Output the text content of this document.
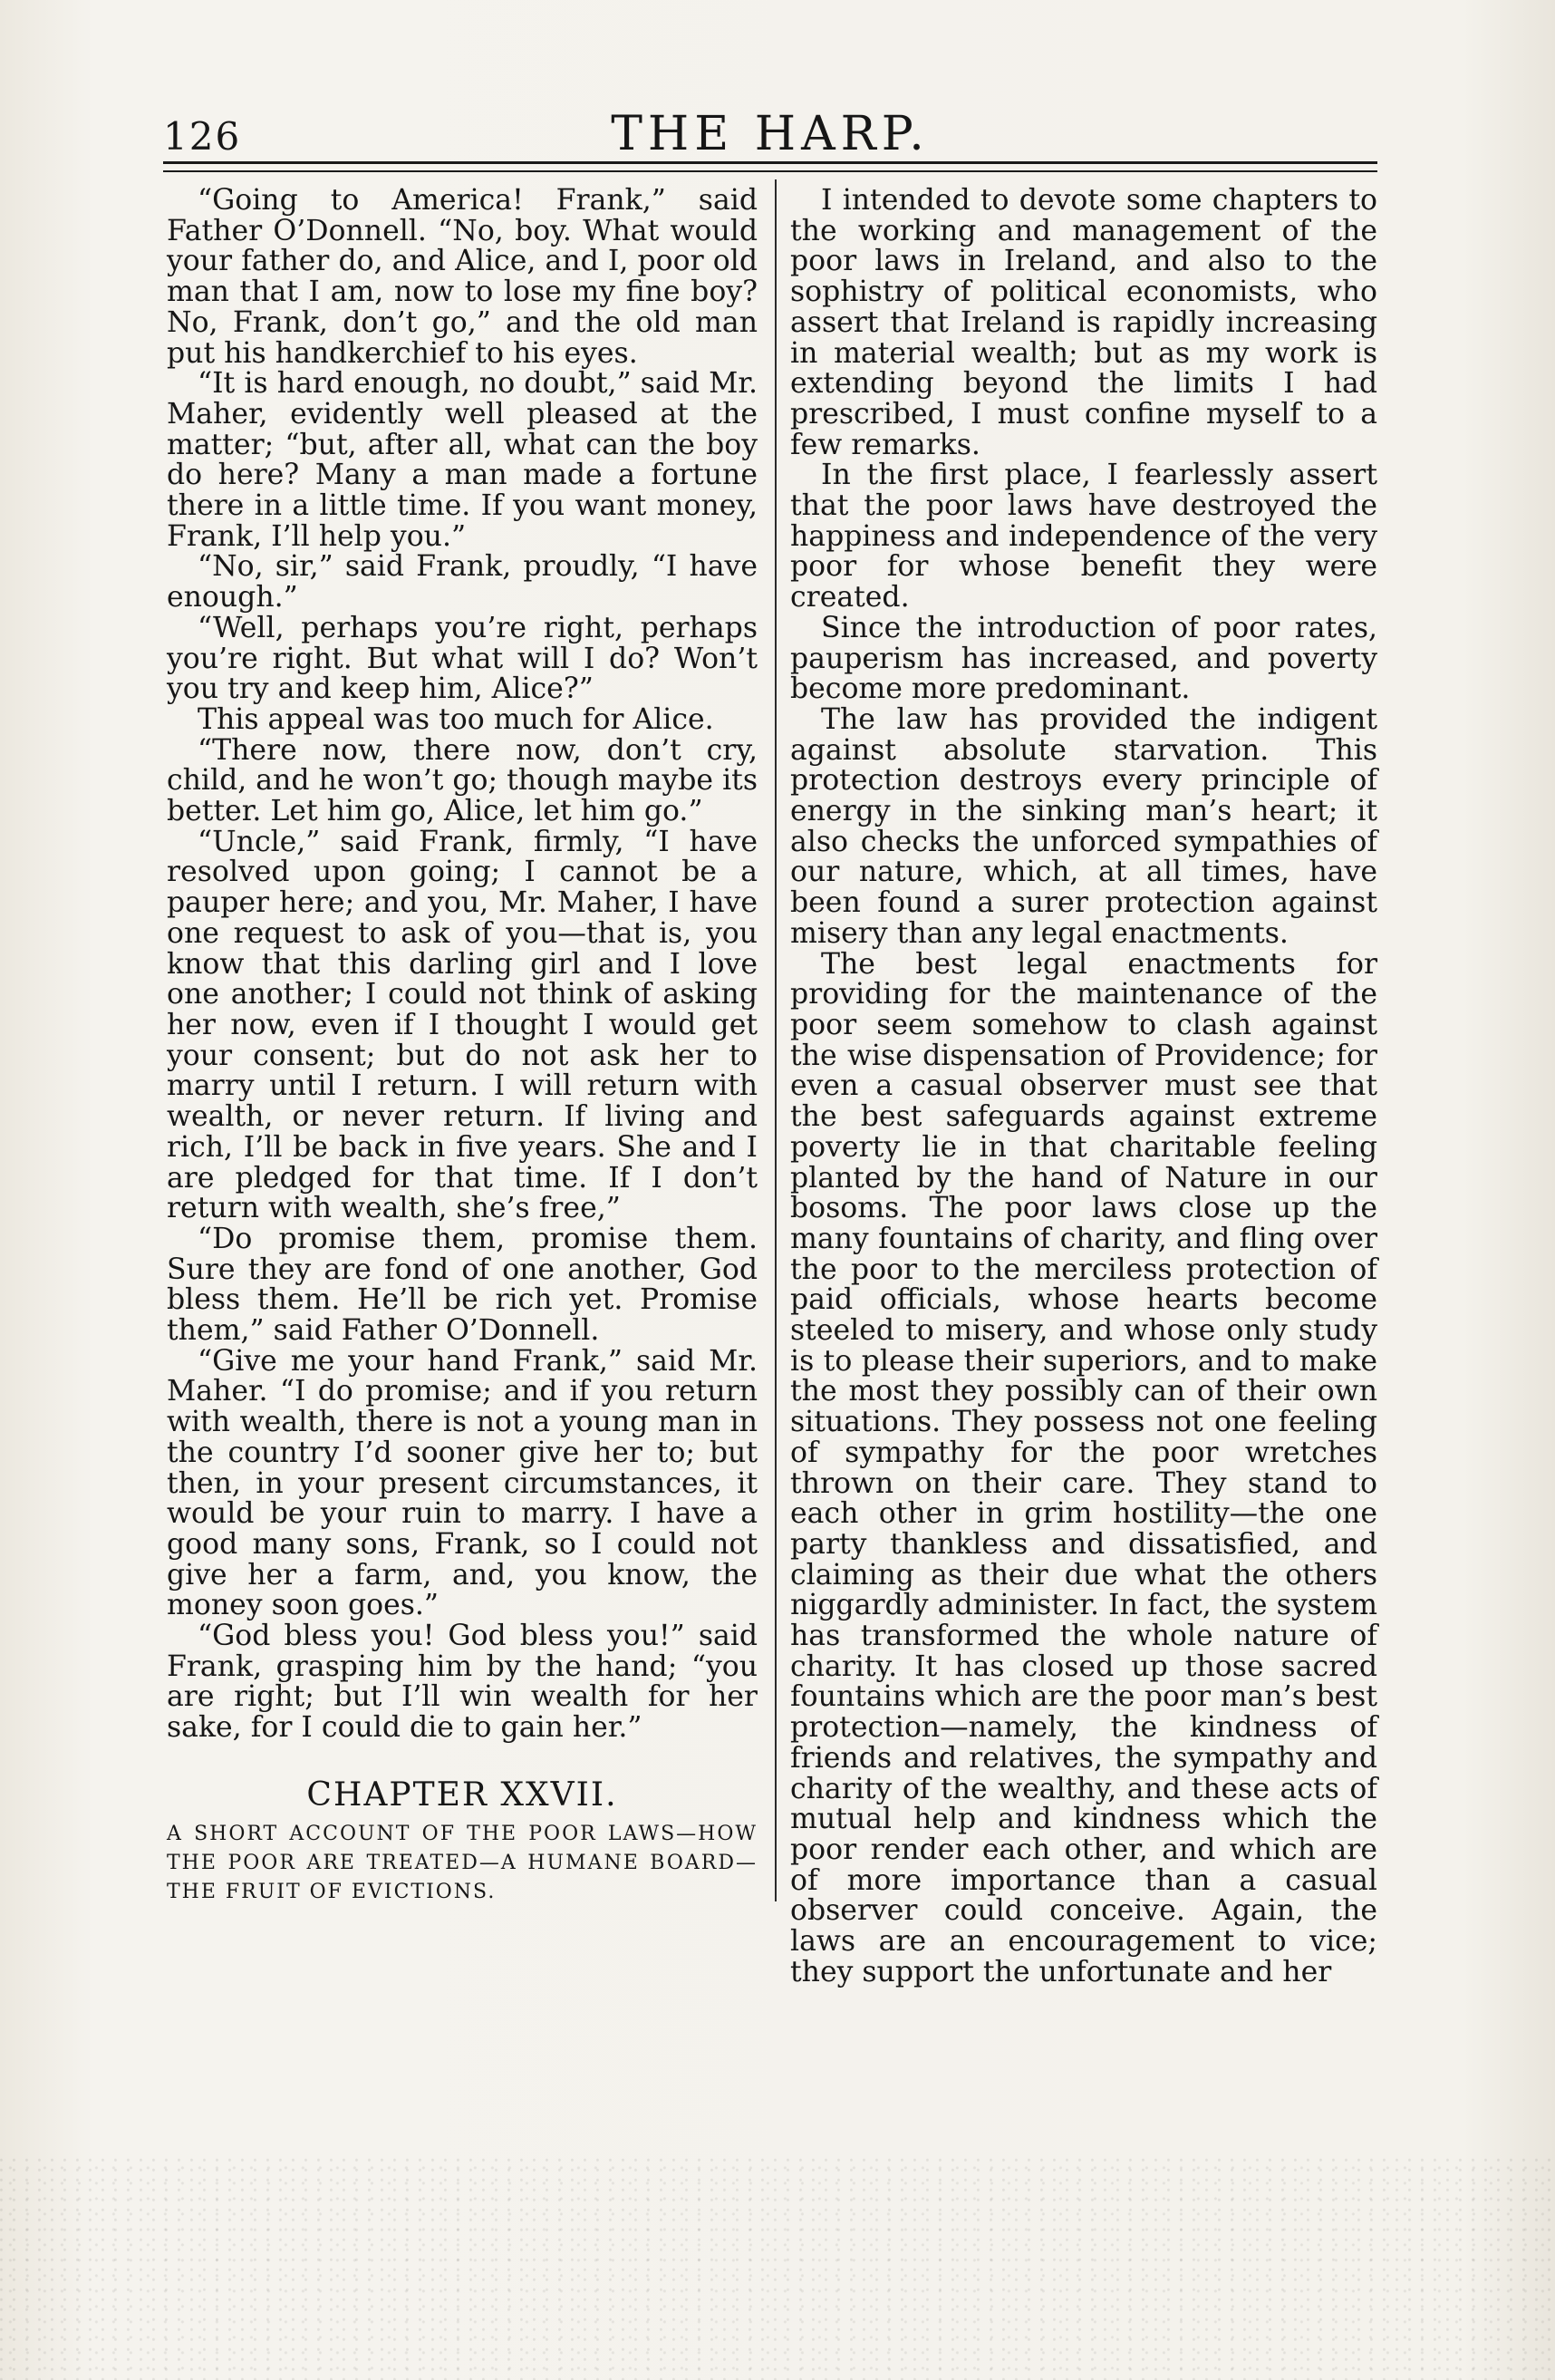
126	THE HARP.

“Going to America! Frank,” said Father O’Donnell. “No, boy. What would your father do, and Alice, and I, poor old man that I am, now to lose my fine boy? No, Frank, don’t go,” and the old man put his handkerchief to his eyes.

“It is hard enough, no doubt,” said Mr. Maher, evidently well pleased at the matter; “but, after all, what can the boy do here? Many a man made a fortune there in a little time. If you want money, Frank, I’ll help you.”

“No, sir,” said Frank, proudly, “I have enough.”

“Well, perhaps you’re right, perhaps you’re right. But what will I do? Won’t you try and keep him, Alice?”

This appeal was too much for Alice.

“There now, there now, don’t cry, child, and he won’t go; though maybe its better. Let him go, Alice, let him go.”

“Uncle,” said Frank, firmly, “I have resolved upon going; I cannot be a pauper here; and you, Mr. Maher, I have one request to ask of you—that is, you know that this darling girl and I love one another; I could not think of asking her now, even if I thought I would get your consent; but do not ask her to marry until I return. I will return with wealth, or never return. If living and rich, I’ll be back in five years. She and I are pledged for that time. If I don’t return with wealth, she’s free,”

“Do promise them, promise them. Sure they are fond of one another, God bless them. He’ll be rich yet. Promise them,” said Father O’Donnell.

“Give me your hand Frank,” said Mr. Maher. “I do promise; and if you return with wealth, there is not a young man in the country I’d sooner give her to; but then, in your present circumstances, it would be your ruin to marry. I have a good many sons, Frank, so I could not give her a farm, and, you know, the money soon goes.”

“God bless you! God bless you!” said Frank, grasping him by the hand; “you are right; but I’ll win wealth for her sake, for I could die to gain her.”

CHAPTER XXVII.
A SHORT ACCOUNT OF THE POOR LAWS—HOW THE POOR ARE TREATED—A HUMANE BOARD—THE FRUIT OF EVICTIONS.

I intended to devote some chapters to the working and management of the poor laws in Ireland, and also to the sophistry of political economists, who assert that Ireland is rapidly increasing in material wealth; but as my work is extending beyond the limits I had prescribed, I must confine myself to a few remarks.

In the first place, I fearlessly assert that the poor laws have destroyed the happiness and independence of the very poor for whose benefit they were created.

Since the introduction of poor rates, pauperism has increased, and poverty become more predominant.

The law has provided the indigent against absolute starvation. This protection destroys every principle of energy in the sinking man’s heart; it also checks the unforced sympathies of our nature, which, at all times, have been found a surer protection against misery than any legal enactments.

The best legal enactments for providing for the maintenance of the poor seem somehow to clash against the wise dispensation of Providence; for even a casual observer must see that the best safeguards against extreme poverty lie in that charitable feeling planted by the hand of Nature in our bosoms. The poor laws close up the many fountains of charity, and fling over the poor to the merciless protection of paid officials, whose hearts become steeled to misery, and whose only study is to please their superiors, and to make the most they possibly can of their own situations. They possess not one feeling of sympathy for the poor wretches thrown on their care. They stand to each other in grim hostility—the one party thankless and dissatisfied, and claiming as their due what the others niggardly administer. In fact, the system has transformed the whole nature of charity. It has closed up those sacred fountains which are the poor man’s best protection—namely, the kindness of friends and relatives, the sympathy and charity of the wealthy, and these acts of mutual help and kindness which the poor render each other, and which are of more importance than a casual observer could conceive. Again, the laws are an encouragement to vice; they support the unfortunate and her
